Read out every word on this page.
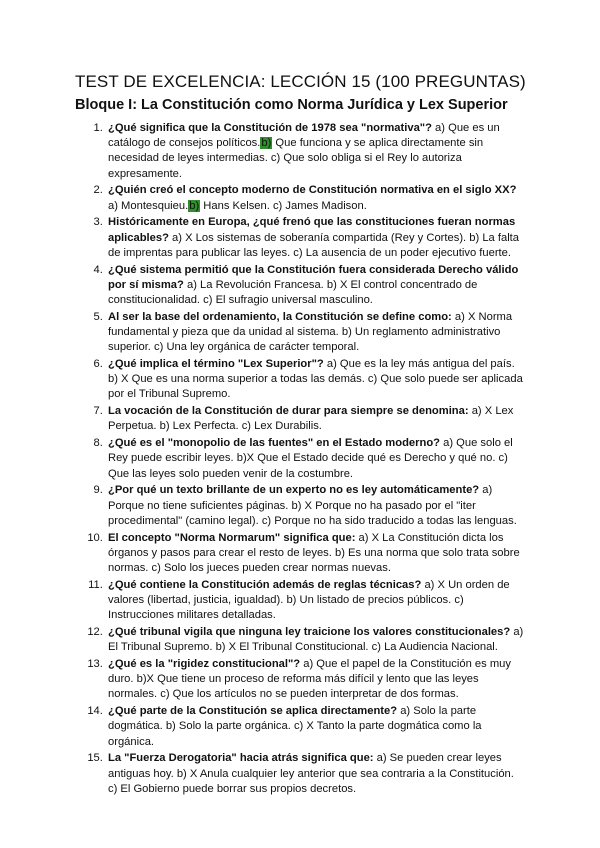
TEST DE EXCELENCIA: LECCIÓN 15 (100 PREGUNTAS)
Bloque I: La Constitución como Norma Jurídica y Lex Superior
1. ¿Qué significa que la Constitución de 1978 sea "normativa"? a) Que es un catálogo de consejos políticos.b) Que funciona y se aplica directamente sin necesidad de leyes intermedias. c) Que solo obliga si el Rey lo autoriza expresamente.
2. ¿Quién creó el concepto moderno de Constitución normativa en el siglo XX? a) Montesquieu.b) Hans Kelsen. c) James Madison.
3. Históricamente en Europa, ¿qué frenó que las constituciones fueran normas aplicables? a) X Los sistemas de soberanía compartida (Rey y Cortes). b) La falta de imprentas para publicar las leyes. c) La ausencia de un poder ejecutivo fuerte.
4. ¿Qué sistema permitió que la Constitución fuera considerada Derecho válido por sí misma? a) La Revolución Francesa. b) X El control concentrado de constitucionalidad. c) El sufragio universal masculino.
5. Al ser la base del ordenamiento, la Constitución se define como: a) X Norma fundamental y pieza que da unidad al sistema. b) Un reglamento administrativo superior. c) Una ley orgánica de carácter temporal.
6. ¿Qué implica el término "Lex Superior"? a) Que es la ley más antigua del país. b) X Que es una norma superior a todas las demás. c) Que solo puede ser aplicada por el Tribunal Supremo.
7. La vocación de la Constitución de durar para siempre se denomina: a) X Lex Perpetua. b) Lex Perfecta. c) Lex Durabilis.
8. ¿Qué es el "monopolio de las fuentes" en el Estado moderno? a) Que solo el Rey puede escribir leyes. b)X Que el Estado decide qué es Derecho y qué no. c) Que las leyes solo pueden venir de la costumbre.
9. ¿Por qué un texto brillante de un experto no es ley automáticamente? a) Porque no tiene suficientes páginas. b) X Porque no ha pasado por el "iter procedimental" (camino legal). c) Porque no ha sido traducido a todas las lenguas.
10. El concepto "Norma Normarum" significa que: a) X La Constitución dicta los órganos y pasos para crear el resto de leyes. b) Es una norma que solo trata sobre normas. c) Solo los jueces pueden crear normas nuevas.
11. ¿Qué contiene la Constitución además de reglas técnicas? a) X Un orden de valores (libertad, justicia, igualdad). b) Un listado de precios públicos. c) Instrucciones militares detalladas.
12. ¿Qué tribunal vigila que ninguna ley traicione los valores constitucionales? a) El Tribunal Supremo. b) X El Tribunal Constitucional. c) La Audiencia Nacional.
13. ¿Qué es la "rigidez constitucional"? a) Que el papel de la Constitución es muy duro. b)X Que tiene un proceso de reforma más difícil y lento que las leyes normales. c) Que los artículos no se pueden interpretar de dos formas.
14. ¿Qué parte de la Constitución se aplica directamente? a) Solo la parte dogmática. b) Solo la parte orgánica. c) X Tanto la parte dogmática como la orgánica.
15. La "Fuerza Derogatoria" hacia atrás significa que: a) Se pueden crear leyes antiguas hoy. b) X Anula cualquier ley anterior que sea contraria a la Constitución. c) El Gobierno puede borrar sus propios decretos.
